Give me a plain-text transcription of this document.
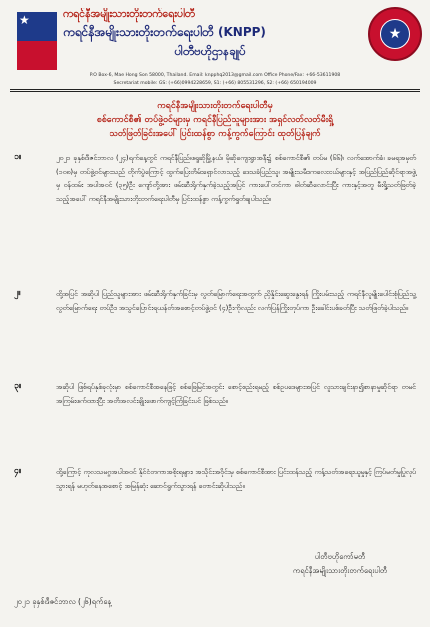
★	ကရင်နီအမျိုးသားတိုးတက်ရေးပါတီ
ကရင်နီအမျိုးသားတိုးတက်ရေးပါတီ (KNPP)
ပါတီဗဟိုဌာနချုပ်
★
P.O Box-6, Mae Hong Son 58000, Thailand. Email: knpphq2013@gmail.com Office Phone/Fax: +66-53611908
Secretariat mobile: GS: (+66)0994228659, S1: (+66) 805531296, S2: (+66) 650194009
ကရင်နီအမျိုးသားတိုးတက်ရေးပါတီမှ
စစ်ကောင်စီ၏ တပ်ဖွဲ့ဝင်များမှ ကရင်နီပြည်သူများအား အရှင်လတ်လတ်မီးရှို့
သတ်ဖြတ်ခြင်းအပေါ် ပြင်းထန်စွာ ကန့်ကွက်ကြောင်း ထုတ်ပြန်ချက်
၁။	၂၀၂၁ ခုနှစ်၊ဒီဇင်ဘာလ (၂၄)ရက်နေ့တွင် ကရင်နီပြည်၊ဖရူဆိုမြို့နယ်၊ မိုဆိုကျေးရွာအနီး၌ စစ်ကောင်စီ၏ တပ်မ (၆၆)၊ လက်အောက်ခံ၊ ခမရအမှတ် (၁၀၈)မှ တပ်ဖွဲ့ဝင်များသည် တိုက်ပွဲကြောင့် ထွက်ပြေးတိမ်းရှောင်လာသည့် ဒေသခံပြည်သူ၊ အမျိုးသမီး၊ကလေးငယ်များနှင့် အပြည်ပြည်ဆိုင်ရာအဖွဲ့မှ ဝန်ထမ်း အပါအဝင် (၃၅)ဦး ကျော်တို့အား ဖမ်းဆီးရိုက်နှက်ခဲ့သည့်အပြင် ကားပေါ်တင်ကာ ဓါတ်ဆီလောင်းပြီး ကားနှင့်အတူ မီးရှို့သတ်ဖြတ်ခဲ့သည့်အပေါ် ကရင်နီအမျိုးသားတိုးတက်ရေးပါတီမှ ပြင်းထန်စွာ ကန့်ကွက်ရှုတ်ချပါသည်။
၂။	ထို့အပြင် အဆိုပါ ပြည်သူများအား ဖမ်းဆီးရိုက်နှက်ခြင်းမှ လွတ်မြောက်ရေးအတွက် ညှိနှိုင်းဆွေးနွေးရန် ကြိုးပမ်းသည့် ကရင်နီလူမျိုးပေါင်းစုံပြည်သူ့ လွတ်မြောက်ရေး တပ်ဦး၊ အသွင်ပြောင်းရယန်တ်အစောင့်တပ်ဖွဲ့ဝင် (၄)ဦးကိုလည်း လက်ပြန်ကြိုးတုပ်ကာ ဦးခေါင်းပစ်ခတ်ပြီး သတ်ဖြတ်ခဲ့ပါသည်။
၃။	အဆိုပါ ဖြစ်ရပ်နှစ်ခုလုံးမှာ စစ်ကောင်စီအနေဖြင့် စစ်ဖြေမြင်အတွင်း စောင့်စည်းရမည့် စစ်ဥပဒေများအပြင် လူသားချင်းနာ၍စာနာမှုဆိုင်ရာ တမင်အကြမ်းဖက်ထားပြီး အတိအလင်းချိုးဖောက်ကျင့်ကြံခြင်းပင် ဖြစ်သည်။
၄။	ထို့ကြောင့် ကုလသမဂ္ဂအပါအဝင် နိုင်ငံတကာအစိုးရများ၊ အသိုင်းအဝိုင်းမှ စစ်ကောင်စီအား ပြင်းထန်သည့် ကန့်သတ်အရေးယူမှုနှင့် ကြပ်မတ်မှုပြုလုပ်သွားရန် မဟုတ်နေအစောင့် အမြန်ဆုံး ဆောင်ရွက်သွားရန် တောင်းဆိုပါသည်။
ပါတီဗဟိုကော်မတီ
ကရင်နီအမျိုးသားတိုးတက်ရေးပါတီ
၂၀၂၁ ခုနှစ်၊ဒီဇင်ဘာလ (၂၆)ရက်နေ့
